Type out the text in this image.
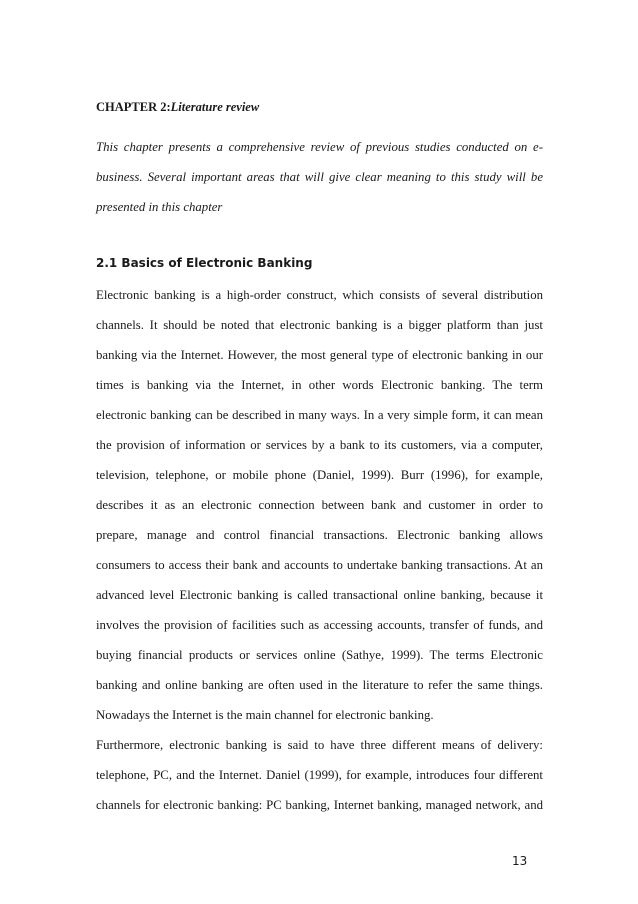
CHAPTER 2:Literature review
This chapter presents a comprehensive review of previous studies conducted on e-
business. Several important areas that will give clear meaning to this study will be
presented in this chapter
2.1 Basics of Electronic Banking
Electronic banking is a high-order construct, which consists of several distribution
channels. It should be noted that electronic banking is a bigger platform than just
banking via the Internet. However, the most general type of electronic banking in our
times is banking via the Internet, in other words Electronic banking. The term
electronic banking can be described in many ways. In a very simple form, it can mean
the provision of information or services by a bank to its customers, via a computer,
television, telephone, or mobile phone (Daniel, 1999). Burr (1996), for example,
describes it as an electronic connection between bank and customer in order to
prepare, manage and control financial transactions. Electronic banking allows
consumers to access their bank and accounts to undertake banking transactions. At an
advanced level Electronic banking is called transactional online banking, because it
involves the provision of facilities such as accessing accounts, transfer of funds, and
buying financial products or services online (Sathye, 1999). The terms Electronic
banking and online banking are often used in the literature to refer the same things.
Nowadays the Internet is the main channel for electronic banking.
Furthermore, electronic banking is said to have three different means of delivery:
telephone, PC, and the Internet. Daniel (1999), for example, introduces four different
channels for electronic banking: PC banking, Internet banking, managed network, and
13
